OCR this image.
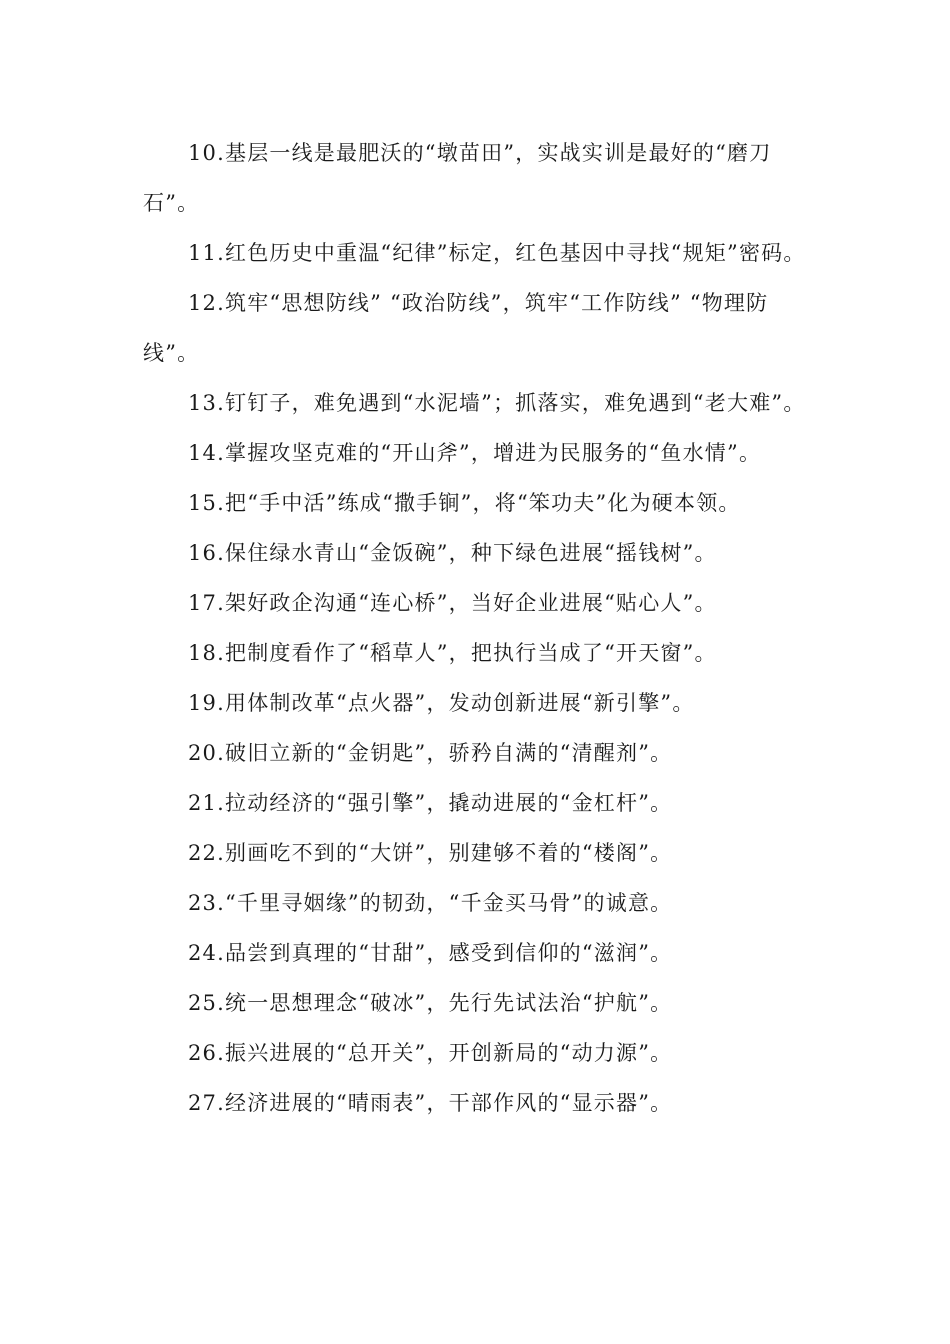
10.基层一线是最肥沃的“墩苗田”，实战实训是最好的“磨刀石”。

11.红色历史中重温“纪律”标定，红色基因中寻找“规矩”密码。

12.筑牢“思想防线” “政治防线”，筑牢“工作防线” “物理防线”。

13.钉钉子，难免遇到“水泥墙”；抓落实，难免遇到“老大难”。

14.掌握攻坚克难的“开山斧”，增进为民服务的“鱼水情”。

15.把“手中活”练成“撒手锏”，将“笨功夫”化为硬本领。

16.保住绿水青山“金饭碗”，种下绿色进展“摇钱树”。

17.架好政企沟通“连心桥”，当好企业进展“贴心人”。

18.把制度看作了“稻草人”，把执行当成了“开天窗”。

19.用体制改革“点火器”，发动创新进展“新引擎”。

20.破旧立新的“金钥匙”，骄矜自满的“清醒剂”。

21.拉动经济的“强引擎”，撬动进展的“金杠杆”。

22.别画吃不到的“大饼”，别建够不着的“楼阁”。

23.“千里寻姻缘”的韧劲，“千金买马骨”的诚意。

24.品尝到真理的“甘甜”，感受到信仰的“滋润”。

25.统一思想理念“破冰”，先行先试法治“护航”。

26.振兴进展的“总开关”，开创新局的“动力源”。

27.经济进展的“晴雨表”，干部作风的“显示器”。
